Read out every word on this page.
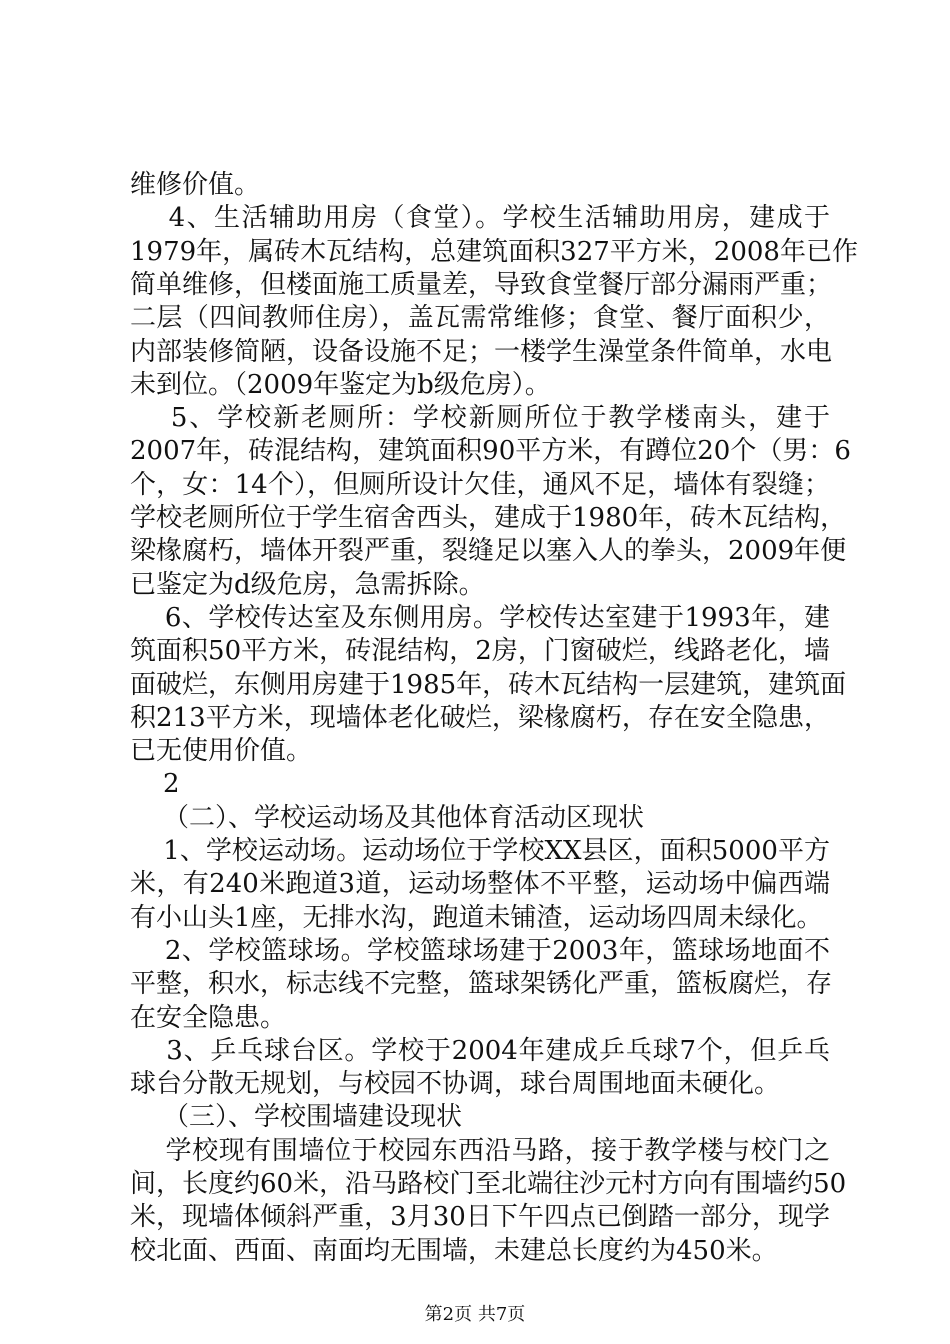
维修价值。
4、生活辅助用房（食堂）。学校生活辅助用房，建成于
1979年，属砖木瓦结构，总建筑面积327平方米，2008年已作
简单维修，但楼面施工质量差，导致食堂餐厅部分漏雨严重；
二层（四间教师住房），盖瓦需常维修；食堂、餐厅面积少，
内部装修简陋，设备设施不足；一楼学生澡堂条件简单，水电
未到位。（2009年鉴定为b级危房）。
5、学校新老厕所：学校新厕所位于教学楼南头，建于
2007年，砖混结构，建筑面积90平方米，有蹲位20个（男：6
个，女：14个），但厕所设计欠佳，通风不足，墙体有裂缝；
学校老厕所位于学生宿舍西头，建成于1980年，砖木瓦结构，
梁椽腐朽，墙体开裂严重，裂缝足以塞入人的拳头，2009年便
已鉴定为d级危房，急需拆除。
6、学校传达室及东侧用房。学校传达室建于1993年，建
筑面积50平方米，砖混结构，2房，门窗破烂，线路老化，墙
面破烂，东侧用房建于1985年，砖木瓦结构一层建筑，建筑面
积213平方米，现墙体老化破烂，梁椽腐朽，存在安全隐患，
已无使用价值。
2
（二）、学校运动场及其他体育活动区现状
1、学校运动场。运动场位于学校XX县区，面积5000平方
米，有240米跑道3道，运动场整体不平整，运动场中偏西端
有小山头1座，无排水沟，跑道未铺渣，运动场四周未绿化。
2、学校篮球场。学校篮球场建于2003年，篮球场地面不
平整，积水，标志线不完整，篮球架锈化严重，篮板腐烂，存
在安全隐患。
3、乒乓球台区。学校于2004年建成乒乓球7个，但乒乓
球台分散无规划，与校园不协调，球台周围地面未硬化。
（三）、学校围墙建设现状
学校现有围墙位于校园东西沿马路，接于教学楼与校门之
间，长度约60米，沿马路校门至北端往沙元村方向有围墙约50
米，现墙体倾斜严重，3月30日下午四点已倒踏一部分，现学
校北面、西面、南面均无围墙，未建总长度约为450米。
第2页 共7页
